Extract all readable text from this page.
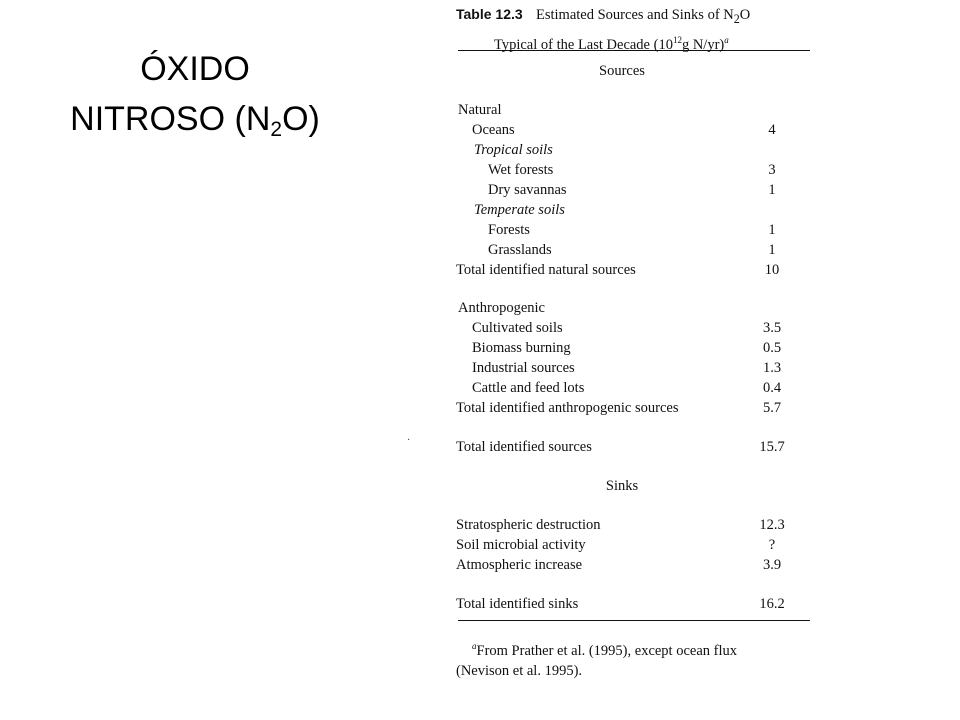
ÓXIDO
NITROSO $(N_2O)$
·
Table 12.3 Estimated Sources and Sinks of $N_2O$
Typical of the Last Decade ($10^{12}g$ N/yr)$^a$
Sources
Natural
Oceans	4
Tropical soils
Wet forests	3
Dry savannas	1
Temperate soils
Forests	1
Grasslands	1
Total identified natural sources	10
Anthropogenic
Cultivated soils	3.5
Biomass burning	0.5
Industrial sources	1.3
Cattle and feed lots	0.4
Total identified anthropogenic sources	5.7
Total identified sources	15.7
Sinks
Stratospheric destruction	12.3
Soil microbial activity	?
Atmospheric increase	3.9
Total identified sinks	16.2
$^a$From Prather et al. (1995), except ocean flux
(Nevison et al. 1995).
